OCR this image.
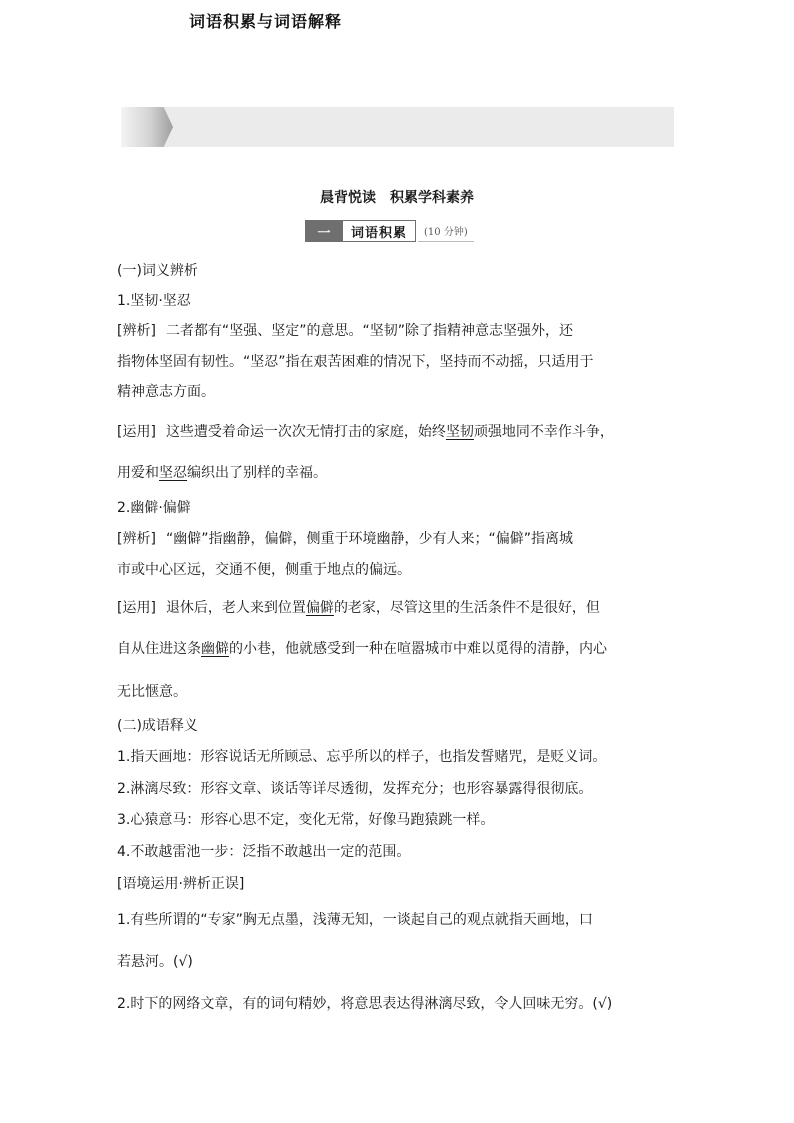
词语积累与词语解释
晨背悦读　积累学科素养
一	词语积累	(10 分钟)
(一)词义辨析
1.坚韧·坚忍
[辨析] 二者都有“坚强、坚定”的意思。“坚韧”除了指精神意志坚强外，还
指物体坚固有韧性。“坚忍”指在艰苦困难的情况下，坚持而不动摇，只适用于
精神意志方面。
[运用] 这些遭受着命运一次次无情打击的家庭，始终坚韧顽强地同不幸作斗争，
用爱和坚忍编织出了别样的幸福。
2.幽僻·偏僻
[辨析] “幽僻”指幽静，偏僻，侧重于环境幽静，少有人来；“偏僻”指离城
市或中心区远，交通不便，侧重于地点的偏远。
[运用] 退休后，老人来到位置偏僻的老家，尽管这里的生活条件不是很好，但
自从住进这条幽僻的小巷，他就感受到一种在喧嚣城市中难以觅得的清静，内心
无比惬意。
(二)成语释义
1.指天画地：形容说话无所顾忌、忘乎所以的样子，也指发誓赌咒，是贬义词。
2.淋漓尽致：形容文章、谈话等详尽透彻，发挥充分；也形容暴露得很彻底。
3.心猿意马：形容心思不定，变化无常，好像马跑猿跳一样。
4.不敢越雷池一步：泛指不敢越出一定的范围。
[语境运用·辨析正误]
1.有些所谓的“专家”胸无点墨，浅薄无知，一谈起自己的观点就指天画地，口
若悬河。(√)
2.时下的网络文章，有的词句精妙，将意思表达得淋漓尽致，令人回味无穷。(√)
